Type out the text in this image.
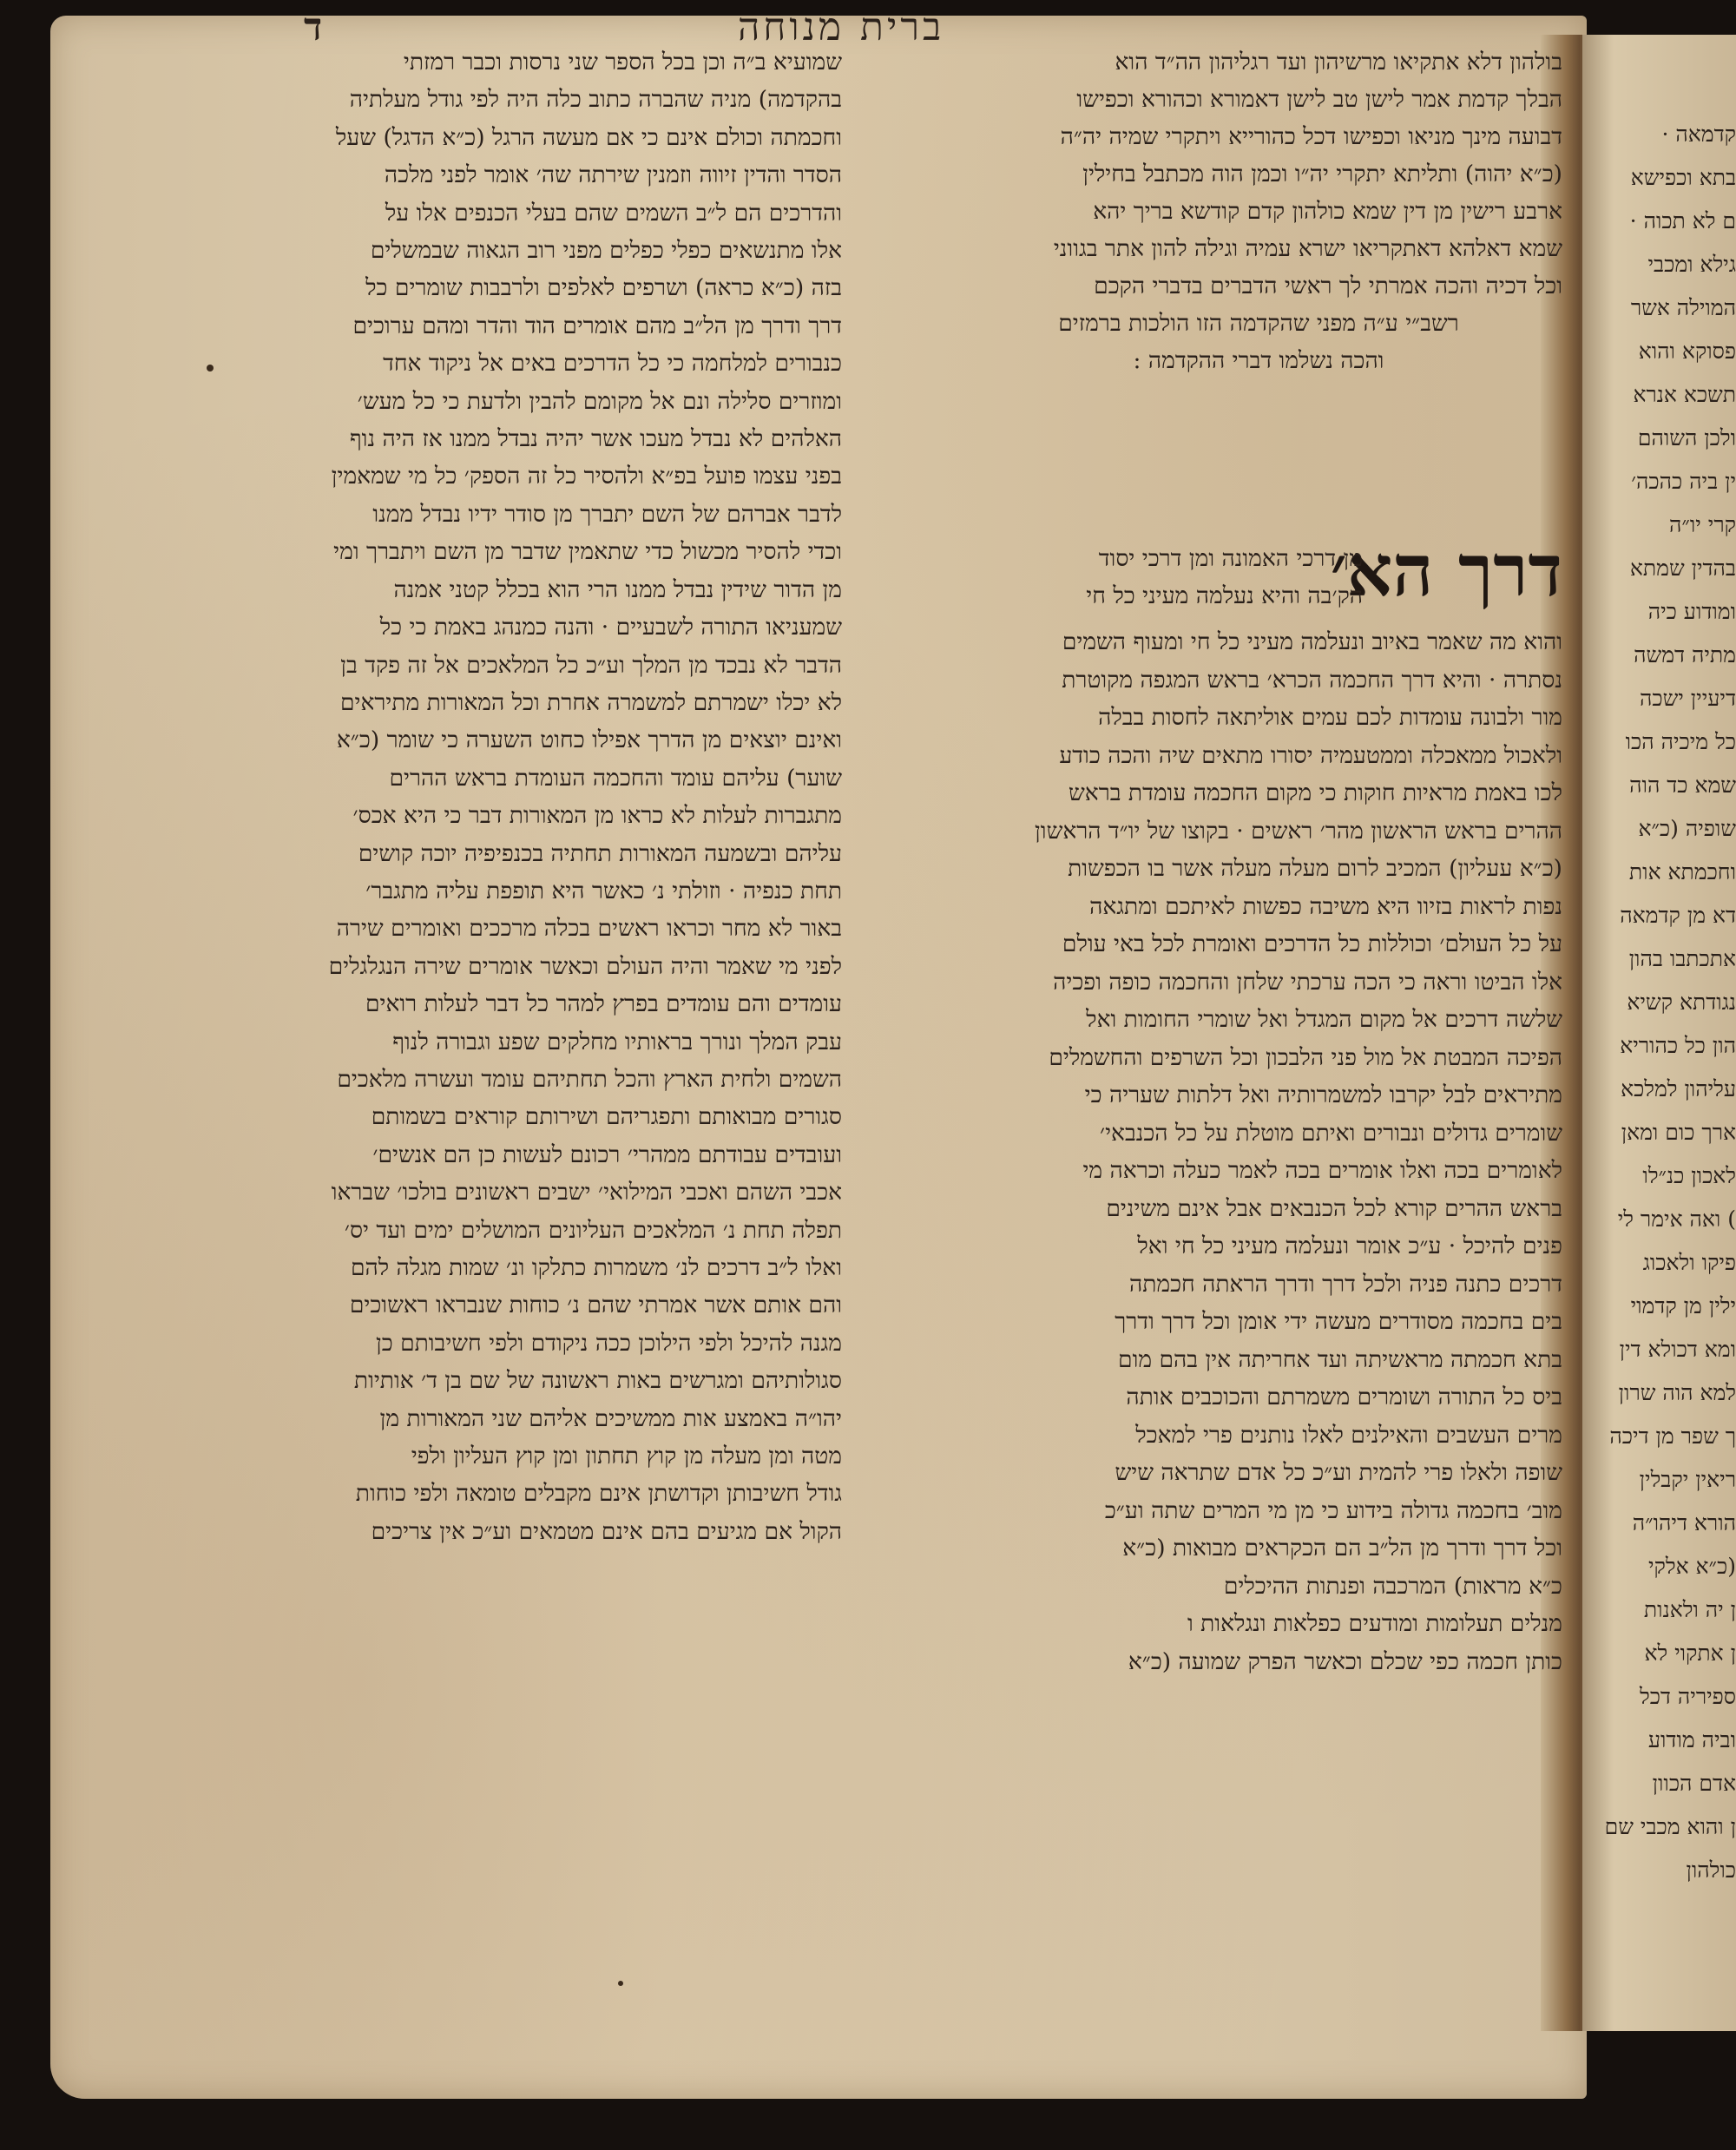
ברית מנוחה
ד
שמועיא ב״ה וכן בכל הספר שני נרסות וכבר רמזתי
בהקדמה) מניה שהברה כתוב כלה היה לפי גודל מעלתיה
וחכמתה וכולם אינם כי אם מעשה הרגל (כ״א הדגל) שעל
הסדר והדין זיווה וזמנין שירתה שה׳ אומר לפני מלכה
והדרכים הם ל״ב השמים שהם בעלי הכנפים אלו על
אלו מתנשאים כפלי כפלים מפני רוב הגאוה שבמשלים
בזה (כ״א כראה) ושרפים לאלפים ולרבבות שומרים כל
דרך ודרך מן הל״ב מהם אומרים הוד והדר ומהם ערוכים
כנבורים למלחמה כי כל הדרכים באים אל ניקוד אחד
ומוזרים סלילה ונם אל מקומם להבין ולדעת כי כל מעש׳
האלהים לא נבדל מעכו אשר יהיה נבדל ממנו אז היה נוף
בפני עצמו פועל בפ״א ולהסיר כל זה הספק׳ כל מי שמאמין
לדבר אברהם של השם יתברך מן סודר ידיו נבדל ממנו
וכדי להסיר מכשול כדי שתאמין שדבר מן השם ויתברך ומי
מן הדור שידין נבדל ממנו הרי הוא בכלל קטני אמנה
שמעניאו התורה לשבעיים · והנה כמנהג באמת כי כל
הדבר לא נבכד מן המלך וע״כ כל המלאכים אל זה פקד בן
לא יכלו ישמרתם למשמרה אחרת וכל המאורות מתיראים
ואינם יוצאים מן הדרך אפילו כחוט השערה כי שומר (כ״א
שוער) עליהם עומד והחכמה העומדת בראש ההרים
מתגברות לעלות לא כראו מן המאורות דבר כי היא אכס׳
עליהם ובשמעה המאורות תחתיה בכנפיפיה יוכה קושים
תחת כנפיה · וזולתי נ׳ כאשר היא תופפת עליה מתגבר׳
באור לא מחר וכראו ראשים בכלה מרככים ואומרים שירה
לפני מי שאמר והיה העולם וכאשר אומרים שירה הנגלגלים
עומדים והם עומדים בפרץ למהר כל דבר לעלות רואים
עבק המלך ונורך בראותיו מחלקים שפע וגבורה לנוף
השמים ולחית הארץ והכל תחתיהם עומד ועשרה מלאכים
סגורים מבואותם ותפגריהם ושירותם קוראים בשמותם
ועובדים עבודתם ממהרי׳ רכונם לעשות כן הם אנשים׳
אכבי השהם ואכבי המילואי׳ ישבים ראשונים בולכו׳ שבראו
תפלה תחת נ׳ המלאכים העליונים המושלים ימים ועד יס׳
ואלו ל״ב דרכים לנ׳ משמרות כתלקו ונ׳ שמות מגלה להם
והם אותם אשר אמרתי שהם נ׳ כוחות שנבראו ראשוכים
מגנה להיכל ולפי הילוכן ככה ניקודם ולפי חשיבותם כן
סגולותיהם ומגרשים באות ראשונה של שם בן ד׳ אותיות
יהו״ה באמצע אות ממשיכים אליהם שני המאורות מן
מטה ומן מעלה מן קוץ תחתון ומן קוץ העליון ולפי
גודל חשיבותן וקדושתן אינם מקבלים טומאה ולפי כוחות
הקול אם מגיעים בהם אינם מטמאים וע״כ אין צריכים
בולהון דלא אתקיאו מרשיהון ועד רגליהון הה״ד הוא
הבלך קדמת אמר לישן טב לישן דאמורא וכהורא וכפישו
דבועה מינך מניאו וכפישו דכל כהורייא ויתקרי שמיה יה״ה
(כ״א יהוה) ותליתא יתקרי יה״ו וכמן הוה מכתבל בחילין
ארבע רישין מן דין שמא כולהון קדם קודשא בריך יהא
שמא דאלהא דאתקריאו ישרא עמיה וגילה להון אתר בגווני
וכל דכיה והכה אמרתי לך ראשי הדברים בדברי הקכם
רשב״י ע״ה מפני שהקדמה הזו הולכות ברמזים
והכה נשלמו דברי ההקדמה :
דרך הא׳
מן דרכי האמונה ומן דרכי יסוד
הק׳בה והיא נעלמה מעיני כל חי
והוא מה שאמר באיוב ונעלמה מעיני כל חי ומעוף השמים
נסתרה · והיא דרך החכמה הכרא׳ בראש המגפה מקוטרת
מור ולבונה עומדות לכם עמים אוליתאה לחסות בבלה
ולאכול ממאכלה וממטעמיה יסורו מתאים שיה והכה כודע
לכו באמת מראיות חוקות כי מקום החכמה עומדת בראש
ההרים בראש הראשון מהר׳ ראשים · בקוצו של יו״ד הראשון
(כ״א עעליון) המכיב לרום מעלה מעלה אשר בו הכפשות
נפות לראות בזיוו היא משיבה כפשות לאיתכם ומתגאה
על כל העולם׳ וכוללות כל הדרכים ואומרת לכל באי עולם
אלו הביטו וראה כי הכה ערכתי שלחן והחכמה כופה ופכיה
שלשה דרכים אל מקום המגדל ואל שומרי החומות ואל
הפיכה המבטת אל מול פני הלבכון וכל השרפים והחשמלים
מתיראים לבל יקרבו למשמרותיה ואל דלתות שעריה כי
שומרים גדולים ונבורים ואיתם מוטלת על כל הכנבאי׳
לאומרים בכה ואלו אומרים בכה לאמר כעלה וכראה מי
בראש ההרים קורא לכל הכנבאים אבל אינם משינים
פנים להיכל · ע״כ אומר ונעלמה מעיני כל חי ואל
דרכים כתנה פניה ולכל דרך ודרך הראתה חכמתה
בים בחכמה מסודרים מעשה ידי אומן וכל דרך ודרך
בתא חכמתה מראשיתה ועד אחריתה אין בהם מום
ביס כל התורה ושומרים משמרתם והכוכבים אותה
מרים העשבים והאילנים לאלו נותנים פרי למאכל
שופה ולאלו פרי להמית וע״כ כל אדם שתראה שיש
מוב׳ בחכמה גדולה בידוע כי מן מי המרים שתה וע״כ
וכל דרך ודרך מן הל״ב הם הכקראים מבואות (כ״א
כ״א מראות) המרכבה ופנתות ההיכלים
מנלים תעלומות ומודעים כפלאות ונגלאות ו
כותן חכמה כפי שכלם וכאשר הפרק שמועה (כ״א
קדמאה ·
בתא וכפישא
ם לא תכוה ·
גילא ומכבי
המוילה אשר
פסוקא והוא
תשכא אנרא
ולכן השוהם
ין ביה כהכה׳
קרי יו״ה
בהדין שמתא
ומודוע כיה
מתיה דמשה
דיעיין ישכה
כל מיכיה הכו
שמא כד הוה
שופיה (כ״א
וחכמתא אות
דא מן קדמאה
אתכתבו בהון
נגודתא קשיא
הון כל כהוריא
עליהון למלכא
ארך כום ומאן
לאכון כנ״לו
) ואה אימר לי
פיקו ולאכוג
ילין מן קדמוי
ומא דכולא דין
למא הוה שרון
ך שפר מן דיכה
ריאין יקבלין
הורא דיהו״ה
(כ״א אלקי
ן יה ולאנות
ן אתקוי לא
ספיריה דכל
וביה מודוע
אדם הכוון
ן והוא מכבי שם
כולהון
